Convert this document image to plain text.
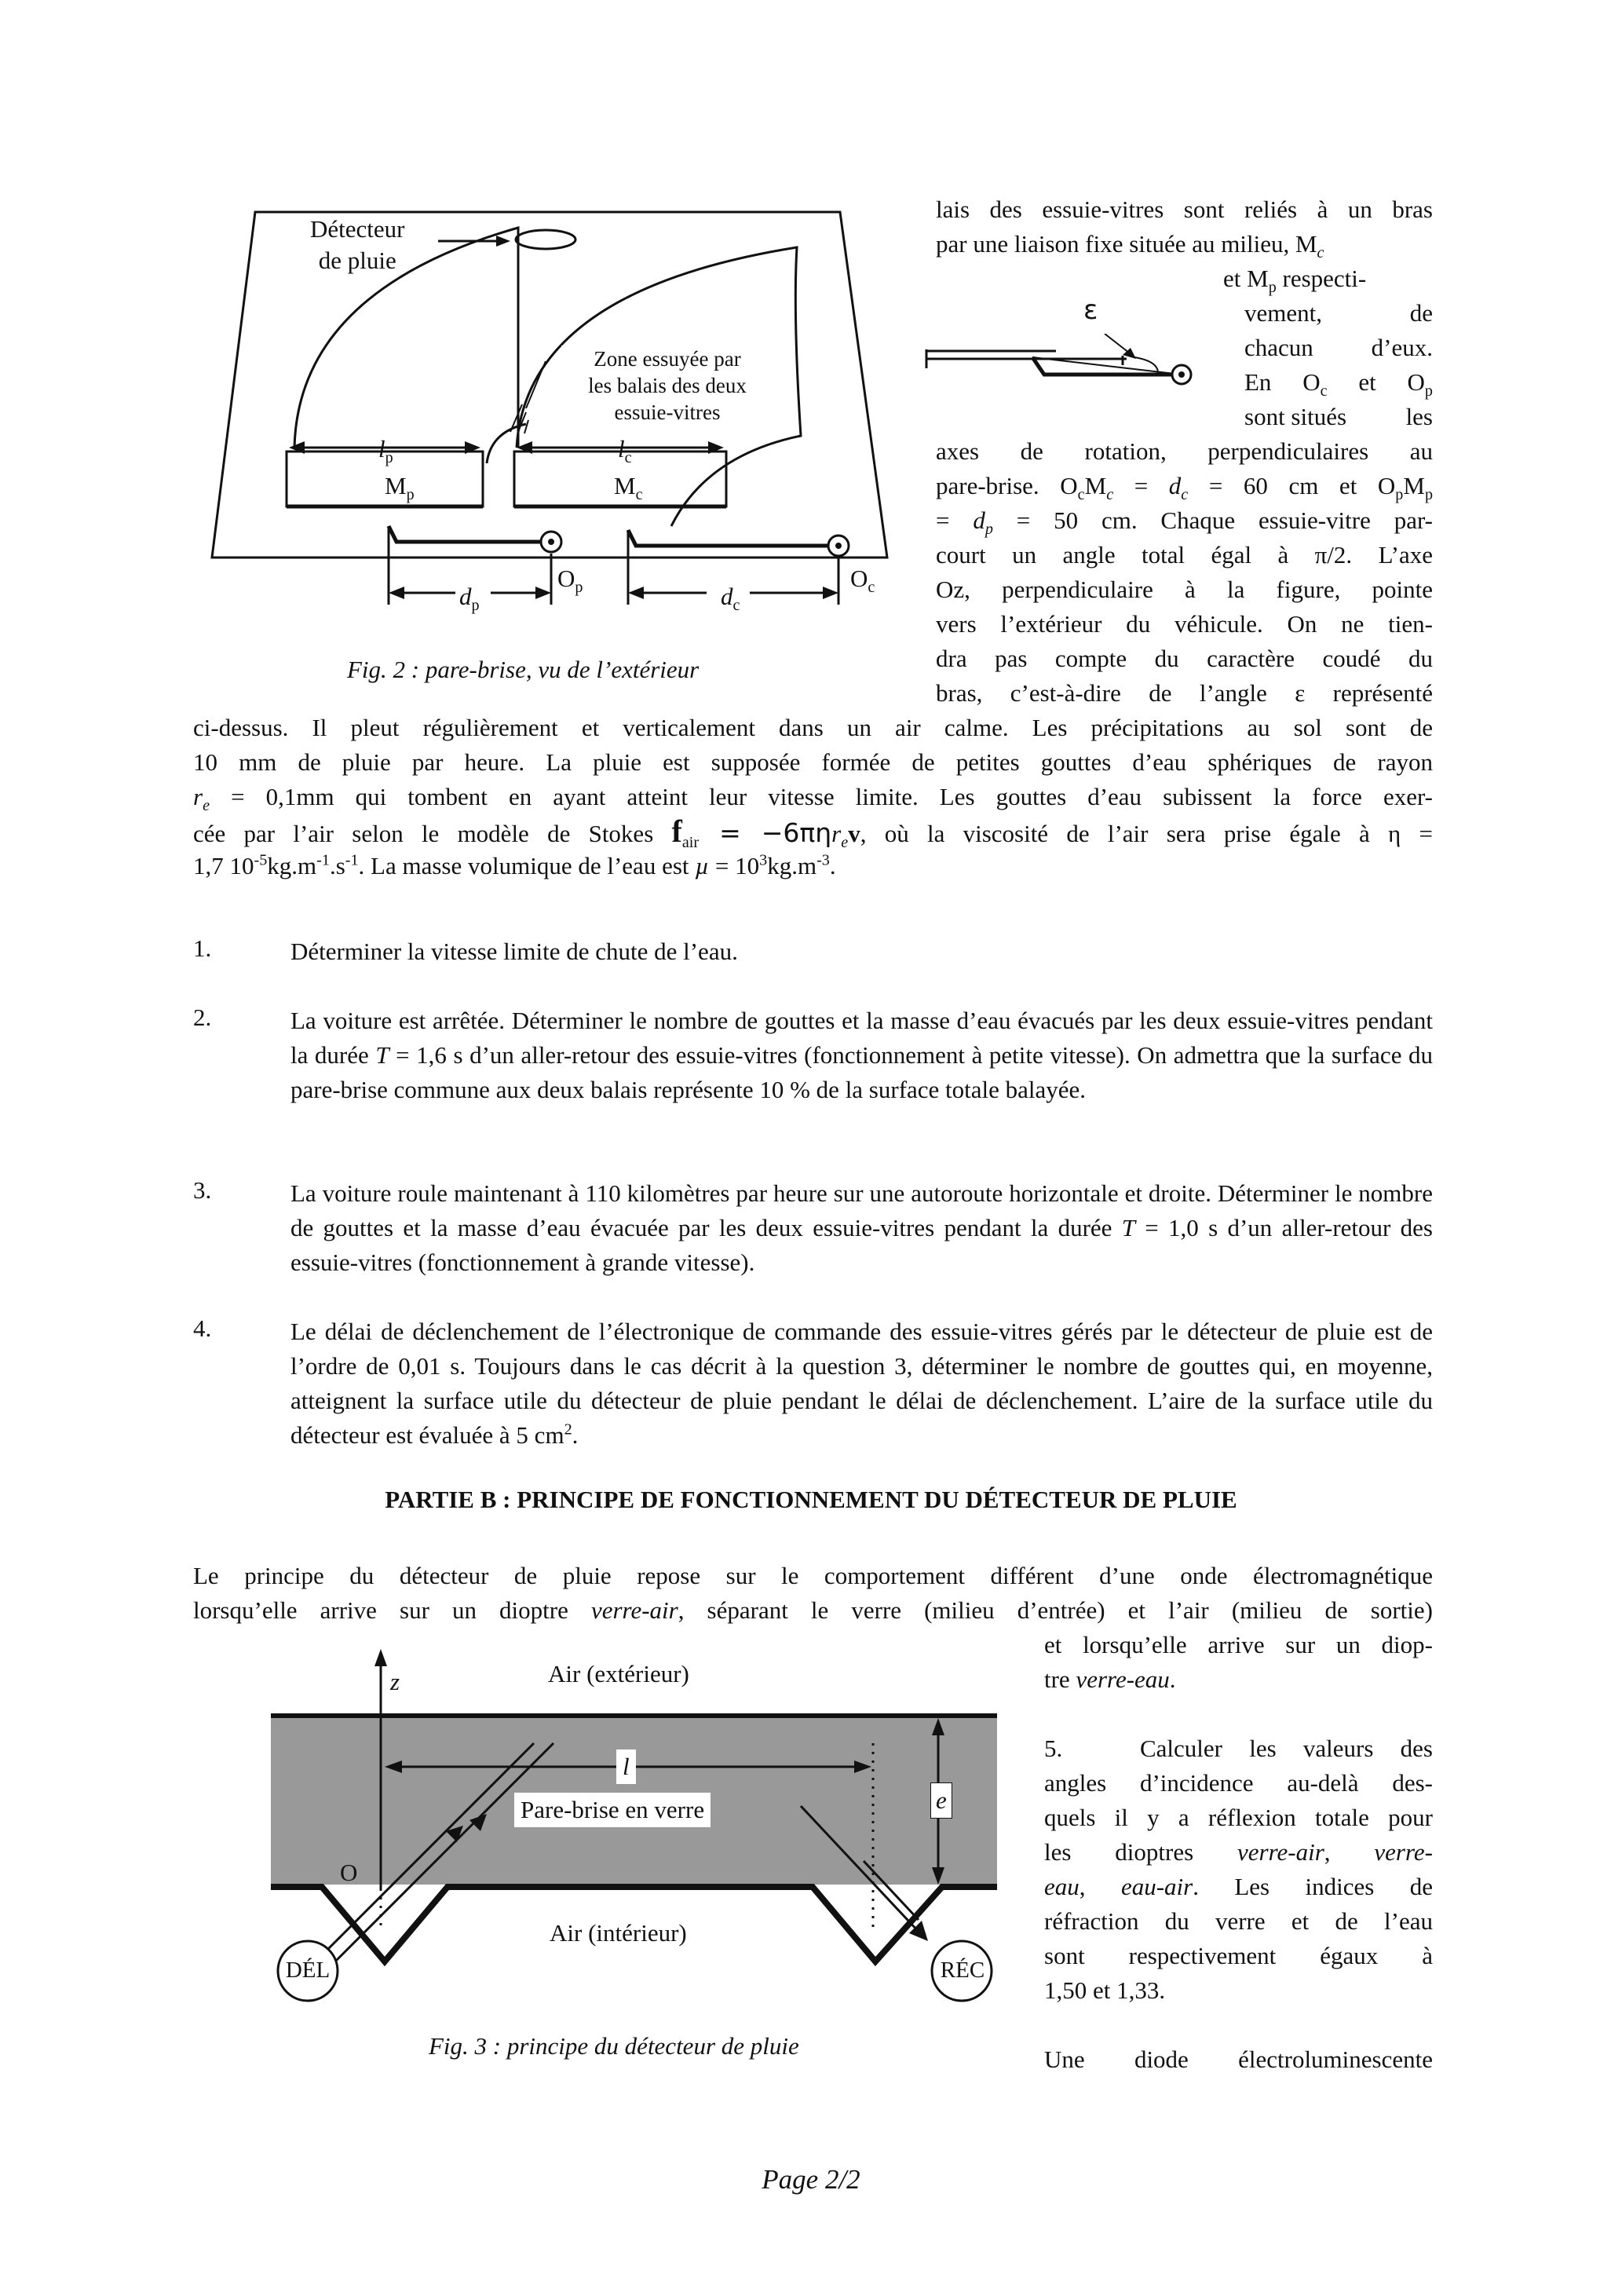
Détecteur
de pluie
Zone essuyée par
les balais des deux
essuie-vitres
$l_p$
$M_p$
$l_c$
$M_c$
$O_p$	$O_c$
$d_p$	$d_c$
Fig. 2 : pare-brise, vu de l’extérieur
ε
lais des essuie-vitres sont reliés à un bras
par une liaison fixe située au milieu, $M_c$
et $M_p$ respecti-
vement,	de
chacun d’eux.
En $O_c$ et $O_p$
sont situés les
axes de rotation, perpendiculaires au
pare-brise. $O_cM_c = d_c = 60$ cm et $O_pM_p$
= $d_p = 50$ cm. Chaque essuie-vitre par-
court un angle total égal à π/2. L’axe
Oz, perpendiculaire à la figure, pointe
vers l’extérieur du véhicule. On ne tien-
dra pas compte du caractère coudé du
bras, c’est-à-dire de l’angle ε représenté
ci-dessus. Il pleut régulièrement et verticalement dans un air calme. Les précipitations au sol sont de
10 mm de pluie par heure. La pluie est supposée formée de petites gouttes d’eau sphériques de rayon
$r_e = 0,1mm$ qui tombent en ayant atteint leur vitesse limite. Les gouttes d’eau subissent la force exer-
cée par l’air selon le modèle de Stokes $f_{air} = -6\pi\eta r_ev$, où la viscosité de l’air sera prise égale à η =
1,7 $10^{-5}kg.m^{-1}.s^{-1}$. La masse volumique de l’eau est $\mu = 10^3kg.m^{-3}$.
1.	Déterminer la vitesse limite de chute de l’eau.
2.	La voiture est arrêtée. Déterminer le nombre de gouttes et la masse d’eau évacués par les deux essuie-vitres pendant la durée T = 1,6 s d’un aller-retour des essuie-vitres (fonctionnement à petite vitesse). On admettra que la surface du pare-brise commune aux deux balais représente 10 % de la surface totale balayée.
3.	La voiture roule maintenant à 110 kilomètres par heure sur une autoroute horizontale et droite. Déterminer le nombre de gouttes et la masse d’eau évacuée par les deux essuie-vitres pendant la durée T = 1,0 s d’un aller-retour des essuie-vitres (fonctionnement à grande vitesse).
4.	Le délai de déclenchement de l’électronique de commande des essuie-vitres gérés par le détecteur de pluie est de l’ordre de 0,01 s. Toujours dans le cas décrit à la question 3, déterminer le nombre de gouttes qui, en moyenne, atteignent la surface utile du détecteur de pluie pendant le délai de déclenchement. L’aire de la surface utile du détecteur est évaluée à 5 $cm^2$.
PARTIE B : PRINCIPE DE FONCTIONNEMENT DU DÉTECTEUR DE PLUIE
Le principe du détecteur de pluie repose sur le comportement différent d’une onde électromagnétique
lorsqu’elle arrive sur un dioptre verre-air, séparant le verre (milieu d’entrée) et l’air (milieu de sortie)
et lorsqu’elle arrive sur un diop-
tre verre-eau.
5.	Calculer les valeurs des
angles d’incidence au-delà des-
quels il y a réflexion totale pour
les dioptres verre-air, verre-
eau, eau-air. Les indices de
réfraction du verre et de l’eau
sont respectivement égaux à
1,50 et 1,33.
Une diode électroluminescente
z	Air (extérieur)
l
e
Pare-brise en verre
O
Air (intérieur)
DÉL	RÉC
Fig. 3 : principe du détecteur de pluie
Page 2/2
